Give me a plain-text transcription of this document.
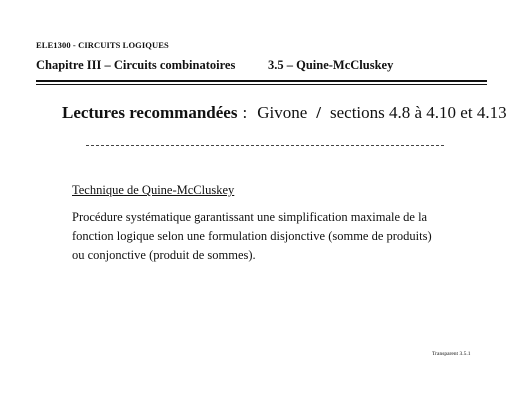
ELE1300 - CIRCUITS LOGIQUES
Chapitre III – Circuits combinatoires	3.5 – Quine-McCluskey
Lectures recommandées : Givone / sections 4.8 à 4.10 et 4.13
Technique de Quine-McCluskey
Procédure systématique garantissant une simplification maximale de la
fonction logique selon une formulation disjonctive (somme de produits)
ou conjonctive (produit de sommes).
Transparent 3.5.1
